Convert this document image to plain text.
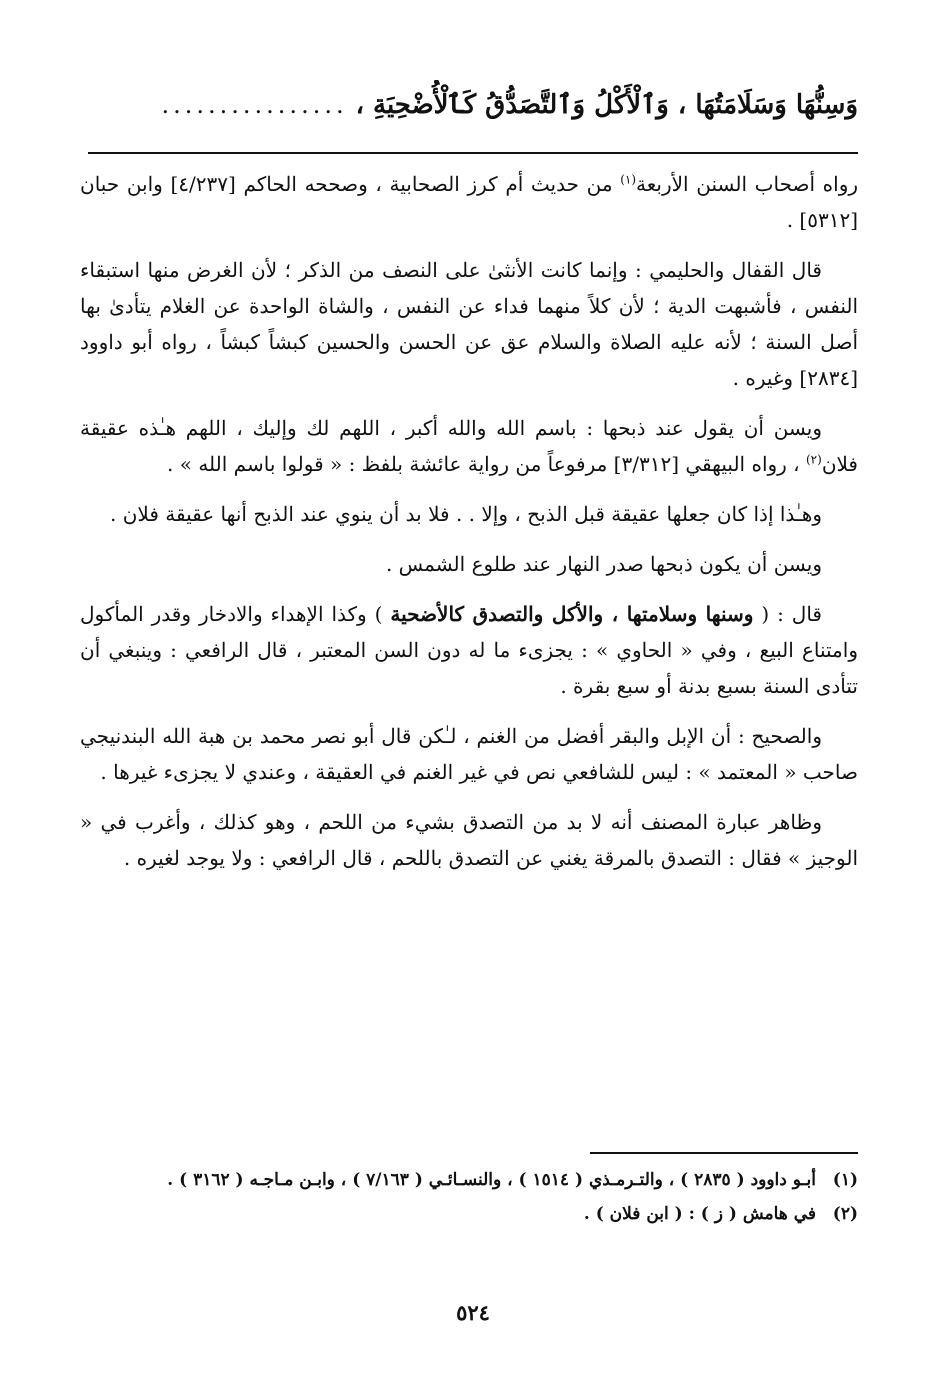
وَسِنُّهَا وَسَلَامَتُهَا ، وَٱلْأَكْلُ وَٱلتَّصَدُّقُ كَٱلْأُضْحِيَةِ ،
................

رواه أصحاب السنن الأربعة$^{(١)}$ من حديث أم كرز الصحابية ، وصححه الحاكم [٤/٢٣٧] وابن حبان [٥٣١٢] .

قال القفال والحليمي : وإنما كانت الأنثىٰ على النصف من الذكر ؛ لأن الغرض منها استبقاء النفس ، فأشبهت الدية ؛ لأن كلاً منهما فداء عن النفس ، والشاة الواحدة عن الغلام يتأدىٰ بها أصل السنة ؛ لأنه عليه الصلاة والسلام عق عن الحسن والحسين كبشاً كبشاً ، رواه أبو داوود [٢٨٣٤] وغيره .

ويسن أن يقول عند ذبحها : باسم الله والله أكبر ، اللهم لك وإليك ، اللهم هـٰذه عقيقة فلان$^{(٢)}$ ، رواه البيهقي [٣/٣١٢] مرفوعاً من رواية عائشة بلفظ : « قولوا باسم الله » .

وهـٰذا إذا كان جعلها عقيقة قبل الذبح ، وإلا . . فلا بد أن ينوي عند الذبح أنها عقيقة فلان .

ويسن أن يكون ذبحها صدر النهار عند طلوع الشمس .

قال : ( وسنها وسلامتها ، والأكل والتصدق كالأضحية ) وكذا الإهداء والادخار وقدر المأكول وامتناع البيع ، وفي « الحاوي » : يجزىء ما له دون السن المعتبر ، قال الرافعي : وينبغي أن تتأدى السنة بسبع بدنة أو سبع بقرة .

والصحيح : أن الإبل والبقر أفضل من الغنم ، لـٰكن قال أبو نصر محمد بن هبة الله البندنيجي صاحب « المعتمد » : ليس للشافعي نص في غير الغنم في العقيقة ، وعندي لا يجزىء غيرها .

وظاهر عبارة المصنف أنه لا بد من التصدق بشيء من اللحم ، وهو كذلك ، وأغرب في « الوجيز » فقال : التصدق بالمرقة يغني عن التصدق باللحم ، قال الرافعي : ولا يوجد لغيره .

(١)
أبـو داوود ( ٢٨٣٥ ) ، والتـرمـذي ( ١٥١٤ ) ، والنسـائـي ( ٧/١٦٣ ) ، وابـن مـاجـه ( ٣١٦٢ ) .
(٢)
في هامش ( ز ) : ( ابن فلان ) .
٥٢٤
